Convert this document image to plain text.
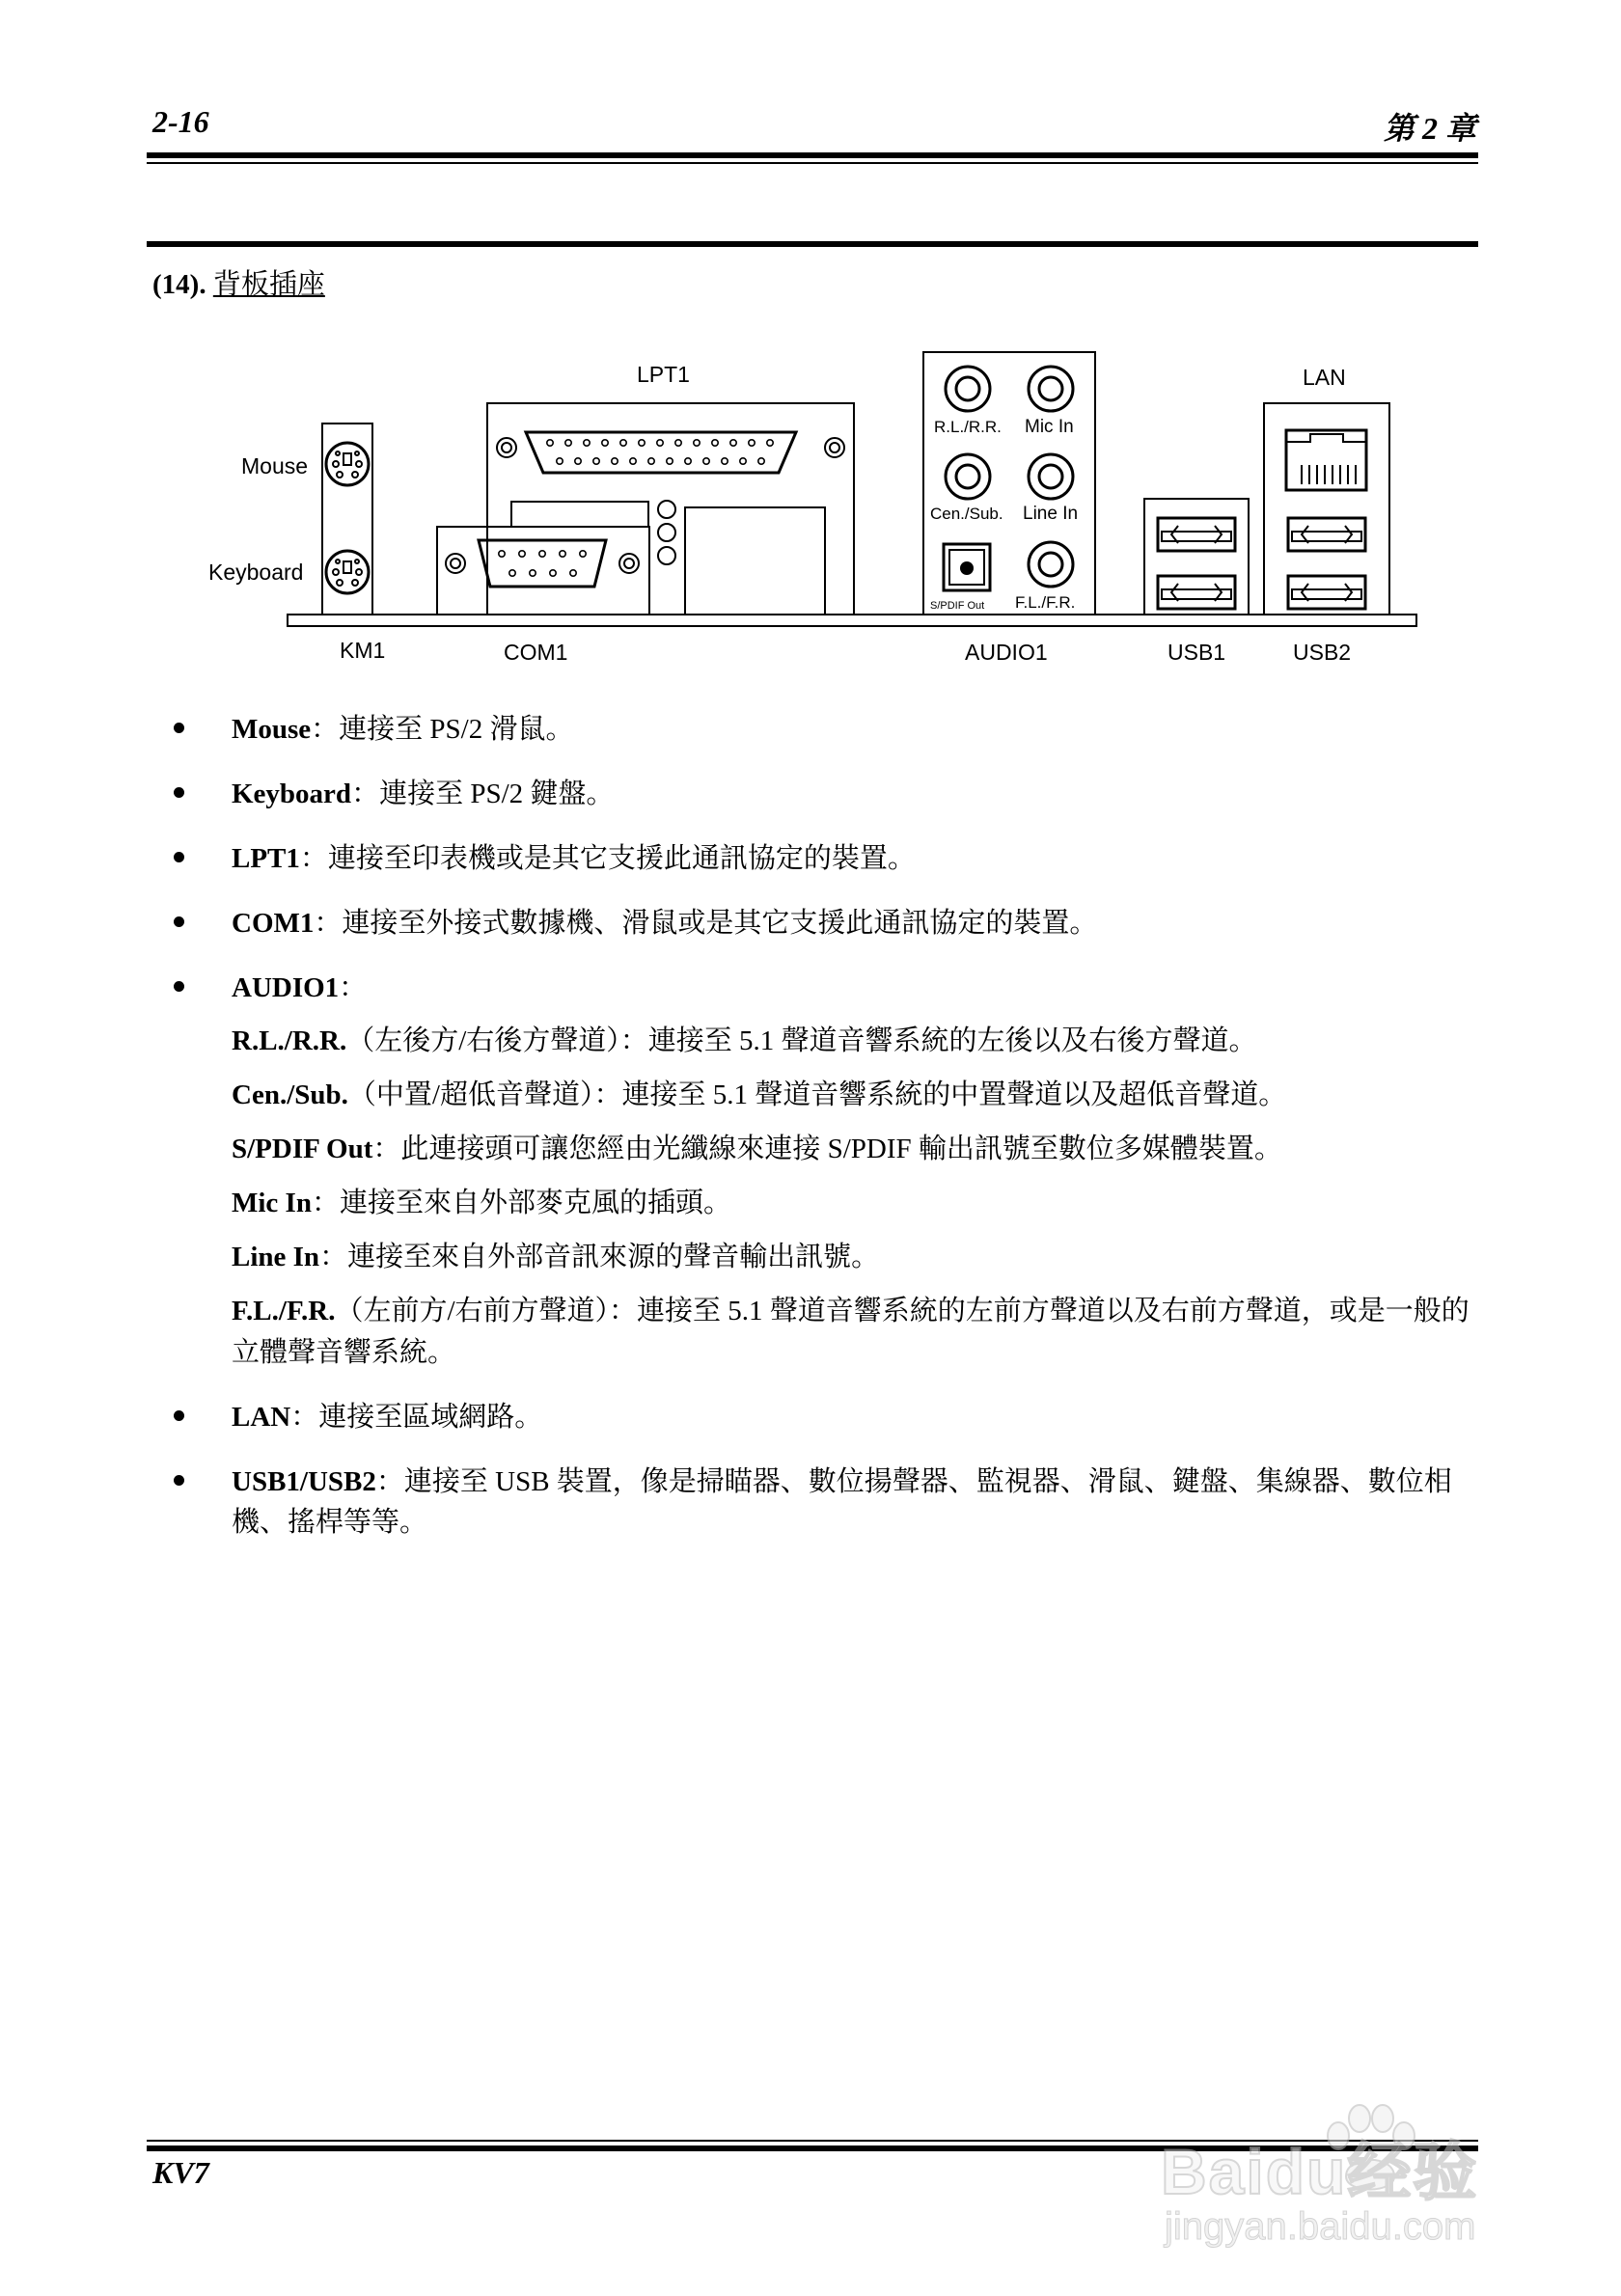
2-16	第 2 章
(14). 背板插座
Mouse
Keyboard
LPT1	LAN
R.L./R.R. Mic In
Cen./Sub. Line In
S/PDIF Out F.L./F.R.
KM1	COM1	AUDIO1	USB1	USB2
Mouse：連接至 PS/2 滑鼠。
Keyboard：連接至 PS/2 鍵盤。
LPT1：連接至印表機或是其它支援此通訊協定的裝置。
COM1：連接至外接式數據機、滑鼠或是其它支援此通訊協定的裝置。
AUDIO1：
R.L./R.R.（左後方/右後方聲道）：連接至 5.1 聲道音響系統的左後以及右後方聲道。
Cen./Sub.（中置/超低音聲道）：連接至 5.1 聲道音響系統的中置聲道以及超低音聲道。
S/PDIF Out：此連接頭可讓您經由光纖線來連接 S/PDIF 輸出訊號至數位多媒體裝置。
Mic In：連接至來自外部麥克風的插頭。
Line In：連接至來自外部音訊來源的聲音輸出訊號。
F.L./F.R.（左前方/右前方聲道）：連接至 5.1 聲道音響系統的左前方聲道以及右前方聲道，或是一般的立體聲音響系統。
LAN：連接至區域網路。
USB1/USB2：連接至 USB 裝置，像是掃瞄器、數位揚聲器、監視器、滑鼠、鍵盤、集線器、數位相機、搖桿等等。
KV7	Baidu经验
jingyan.baidu.com
